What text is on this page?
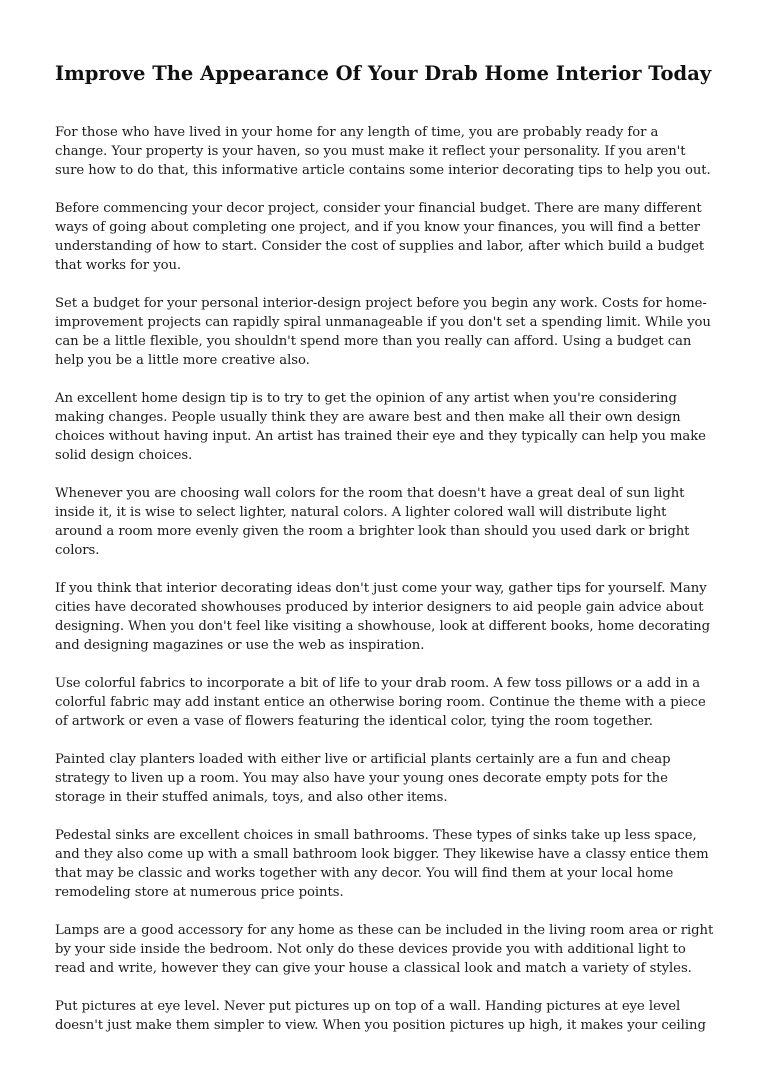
Improve The Appearance Of Your Drab Home Interior Today

For those who have lived in your home for any length of time, you are probably ready for a change. Your property is your haven, so you must make it reflect your personality. If you aren't sure how to do that, this informative article contains some interior decorating tips to help you out.

Before commencing your decor project, consider your financial budget. There are many different ways of going about completing one project, and if you know your finances, you will find a better understanding of how to start. Consider the cost of supplies and labor, after which build a budget that works for you.

Set a budget for your personal interior-design project before you begin any work. Costs for home-improvement projects can rapidly spiral unmanageable if you don't set a spending limit. While you can be a little flexible, you shouldn't spend more than you really can afford. Using a budget can help you be a little more creative also.

An excellent home design tip is to try to get the opinion of any artist when you're considering making changes. People usually think they are aware best and then make all their own design choices without having input. An artist has trained their eye and they typically can help you make solid design choices.

Whenever you are choosing wall colors for the room that doesn't have a great deal of sun light inside it, it is wise to select lighter, natural colors. A lighter colored wall will distribute light around a room more evenly given the room a brighter look than should you used dark or bright colors.

If you think that interior decorating ideas don't just come your way, gather tips for yourself. Many cities have decorated showhouses produced by interior designers to aid people gain advice about designing. When you don't feel like visiting a showhouse, look at different books, home decorating and designing magazines or use the web as inspiration.

Use colorful fabrics to incorporate a bit of life to your drab room. A few toss pillows or a add in a colorful fabric may add instant entice an otherwise boring room. Continue the theme with a piece of artwork or even a vase of flowers featuring the identical color, tying the room together.

Painted clay planters loaded with either live or artificial plants certainly are a fun and cheap strategy to liven up a room. You may also have your young ones decorate empty pots for the storage in their stuffed animals, toys, and also other items.

Pedestal sinks are excellent choices in small bathrooms. These types of sinks take up less space, and they also come up with a small bathroom look bigger. They likewise have a classy entice them that may be classic and works together with any decor. You will find them at your local home remodeling store at numerous price points.

Lamps are a good accessory for any home as these can be included in the living room area or right by your side inside the bedroom. Not only do these devices provide you with additional light to read and write, however they can give your house a classical look and match a variety of styles.

Put pictures at eye level. Never put pictures up on top of a wall. Handing pictures at eye level doesn't just make them simpler to view. When you position pictures up high, it makes your ceiling
